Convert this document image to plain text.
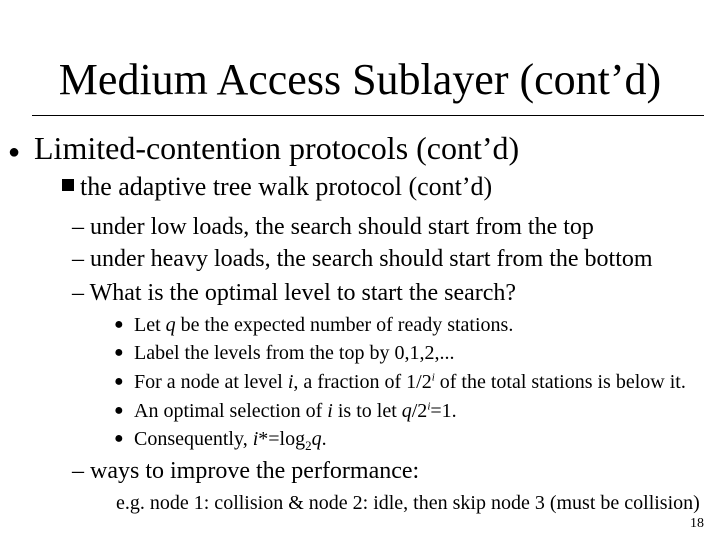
Medium Access Sublayer (cont’d)
● Limited-contention protocols (cont’d)
the adaptive tree walk protocol (cont’d)
– under low loads, the search should start from the top
– under heavy loads, the search should start from the bottom
– What is the optimal level to start the search?
● Let q be the expected number of ready stations.
● Label the levels from the top by 0,1,2,...
● For a node at level i, a fraction of 1/2$^i$ of the total stations is below it.
● An optimal selection of i is to let $q/2^i=1$.
● Consequently, $i*=\log_2q$.
– ways to improve the performance:
e.g. node 1: collision & node 2: idle, then skip node 3 (must be collision)
18
